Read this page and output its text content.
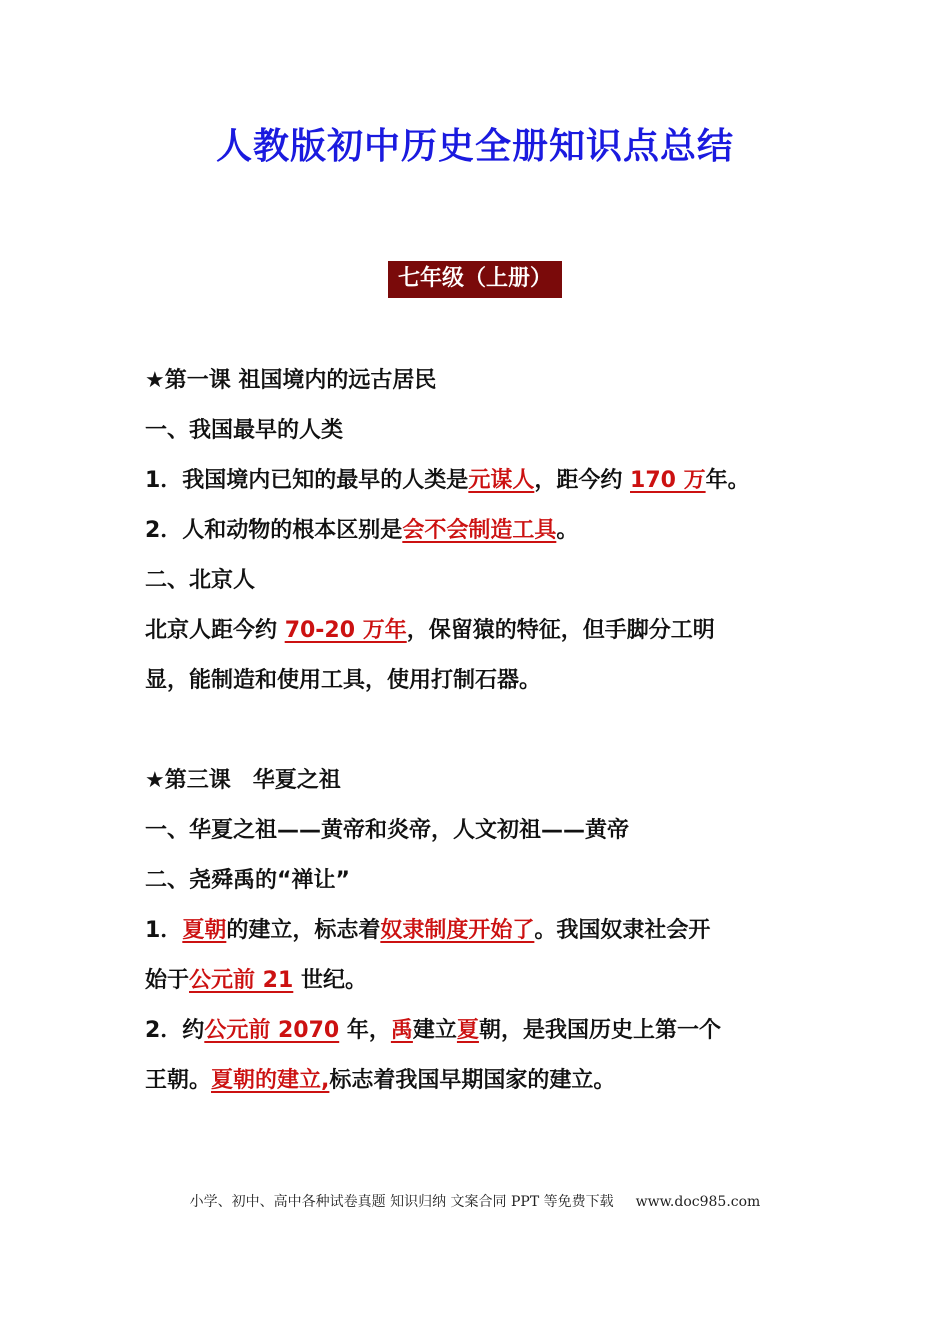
人教版初中历史全册知识点总结
七年级（上册）
★第一课 祖国境内的远古居民
一、我国最早的人类
1．我国境内已知的最早的人类是元谋人，距今约 170 万年。
2．人和动物的根本区别是会不会制造工具。
二、北京人
北京人距今约 70-20 万年，保留猿的特征，但手脚分工明
显，能制造和使用工具，使用打制石器。
★第三课　华夏之祖
一、华夏之祖——黄帝和炎帝，人文初祖——黄帝
二、尧舜禹的“禅让”
1．夏朝的建立，标志着奴隶制度开始了。我国奴隶社会开
始于公元前 21 世纪。
2．约公元前 2070 年，禹建立夏朝，是我国历史上第一个
王朝。夏朝的建立,标志着我国早期国家的建立。
小学、初中、高中各种试卷真题 知识归纳 文案合同 PPT 等免费下载 www.doc985.com
